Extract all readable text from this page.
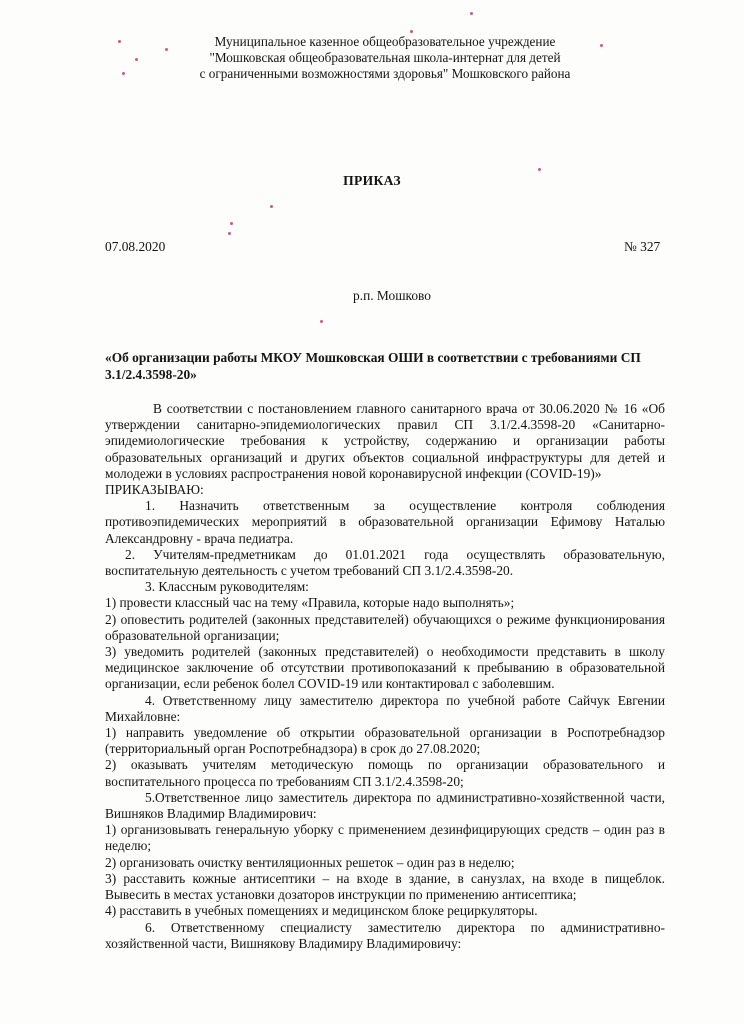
Муниципальное казенное общеобразовательное учреждение
"Мошковская общеобразовательная школа-интернат для детей
с ограниченными возможностями здоровья" Мошковского района
ПРИКАЗ
07.08.2020	№ 327
р.п. Мошково
«Об организации работы МКОУ Мошковская ОШИ в соответствии с требованиями СП 3.1/2.4.3598-20»

В соответствии с постановлением главного санитарного врача от 30.06.2020 № 16 «Об утверждении санитарно-эпидемиологических правил СП 3.1/2.4.3598-20 «Санитарно-эпидемиологические требования к устройству, содержанию и организации работы образовательных организаций и других объектов социальной инфраструктуры для детей и молодежи в условиях распространения новой коронавирусной инфекции (COVID-19)»

ПРИКАЗЫВАЮ:

1. Назначить ответственным за осуществление контроля соблюдения противоэпидемических мероприятий в образовательной организации Ефимову Наталью Александровну - врача педиатра.

2. Учителям-предметникам до 01.01.2021 года осуществлять образовательную, воспитательную деятельность с учетом требований СП 3.1/2.4.3598-20.

3. Классным руководителям:

1) провести классный час на тему «Правила, которые надо выполнять»;

2) оповестить родителей (законных представителей) обучающихся о режиме функционирования образовательной организации;

3) уведомить родителей (законных представителей) о необходимости представить в школу медицинское заключение об отсутствии противопоказаний к пребыванию в образовательной организации, если ребенок болел COVID-19 или контактировал с заболевшим.

4. Ответственному лицу заместителю директора по учебной работе Сайчук Евгении Михайловне:

1) направить уведомление об открытии образовательной организации в Роспотребнадзор (территориальный орган Роспотребнадзора) в срок до 27.08.2020;

2) оказывать учителям методическую помощь по организации образовательного и воспитательного процесса по требованиям СП 3.1/2.4.3598-20;

5.Ответственное лицо заместитель директора по административно-хозяйственной части, Вишняков Владимир Владимирович:

1) организовывать генеральную уборку с применением дезинфицирующих средств – один раз в неделю;

2) организовать очистку вентиляционных решеток – один раз в неделю;

3) расставить кожные антисептики – на входе в здание, в санузлах, на входе в пищеблок. Вывесить в местах установки дозаторов инструкции по применению антисептика;

4) расставить в учебных помещениях и медицинском блоке рециркуляторы.

6. Ответственному специалисту заместителю директора по административно-хозяйственной части, Вишнякову Владимиру Владимировичу:
